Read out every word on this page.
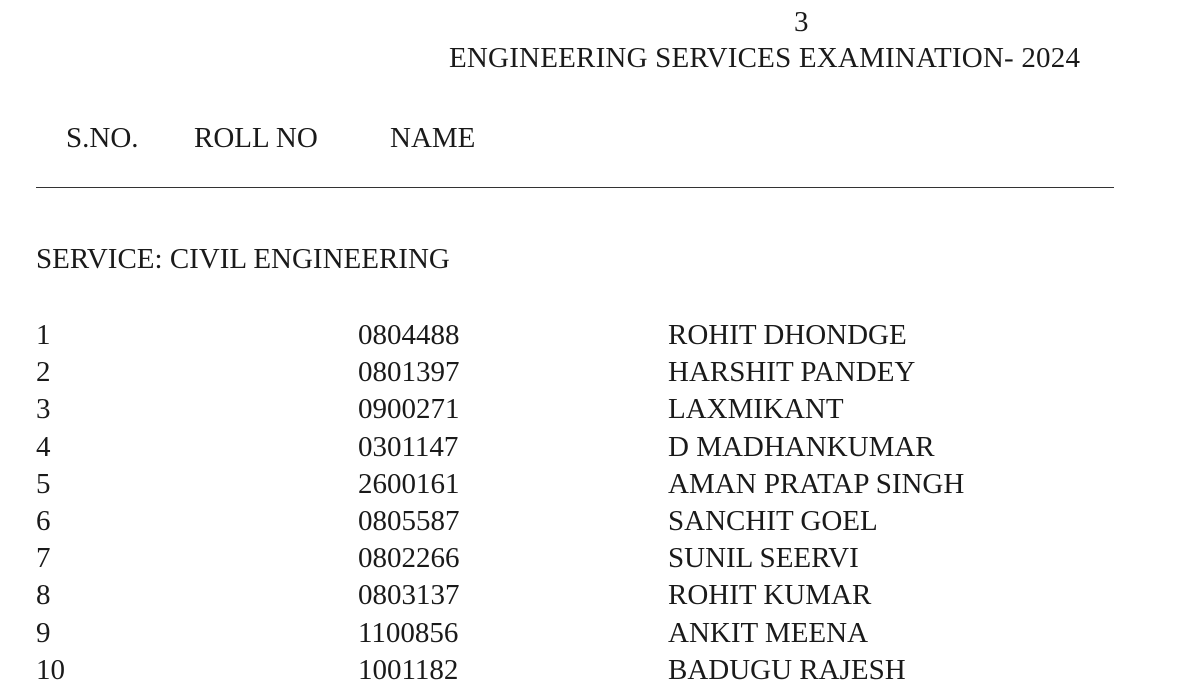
3
ENGINEERING SERVICES EXAMINATION- 2024
S.NO. ROLL NO NAME
SERVICE: CIVIL ENGINEERING
1	0804488	ROHIT DHONDGE
2	0801397	HARSHIT PANDEY
3	0900271	LAXMIKANT
4	0301147	D MADHANKUMAR
5	2600161	AMAN PRATAP SINGH
6	0805587	SANCHIT GOEL
7	0802266	SUNIL SEERVI
8	0803137	ROHIT KUMAR
9	1100856	ANKIT MEENA
10	1001182	BADUGU RAJESH
